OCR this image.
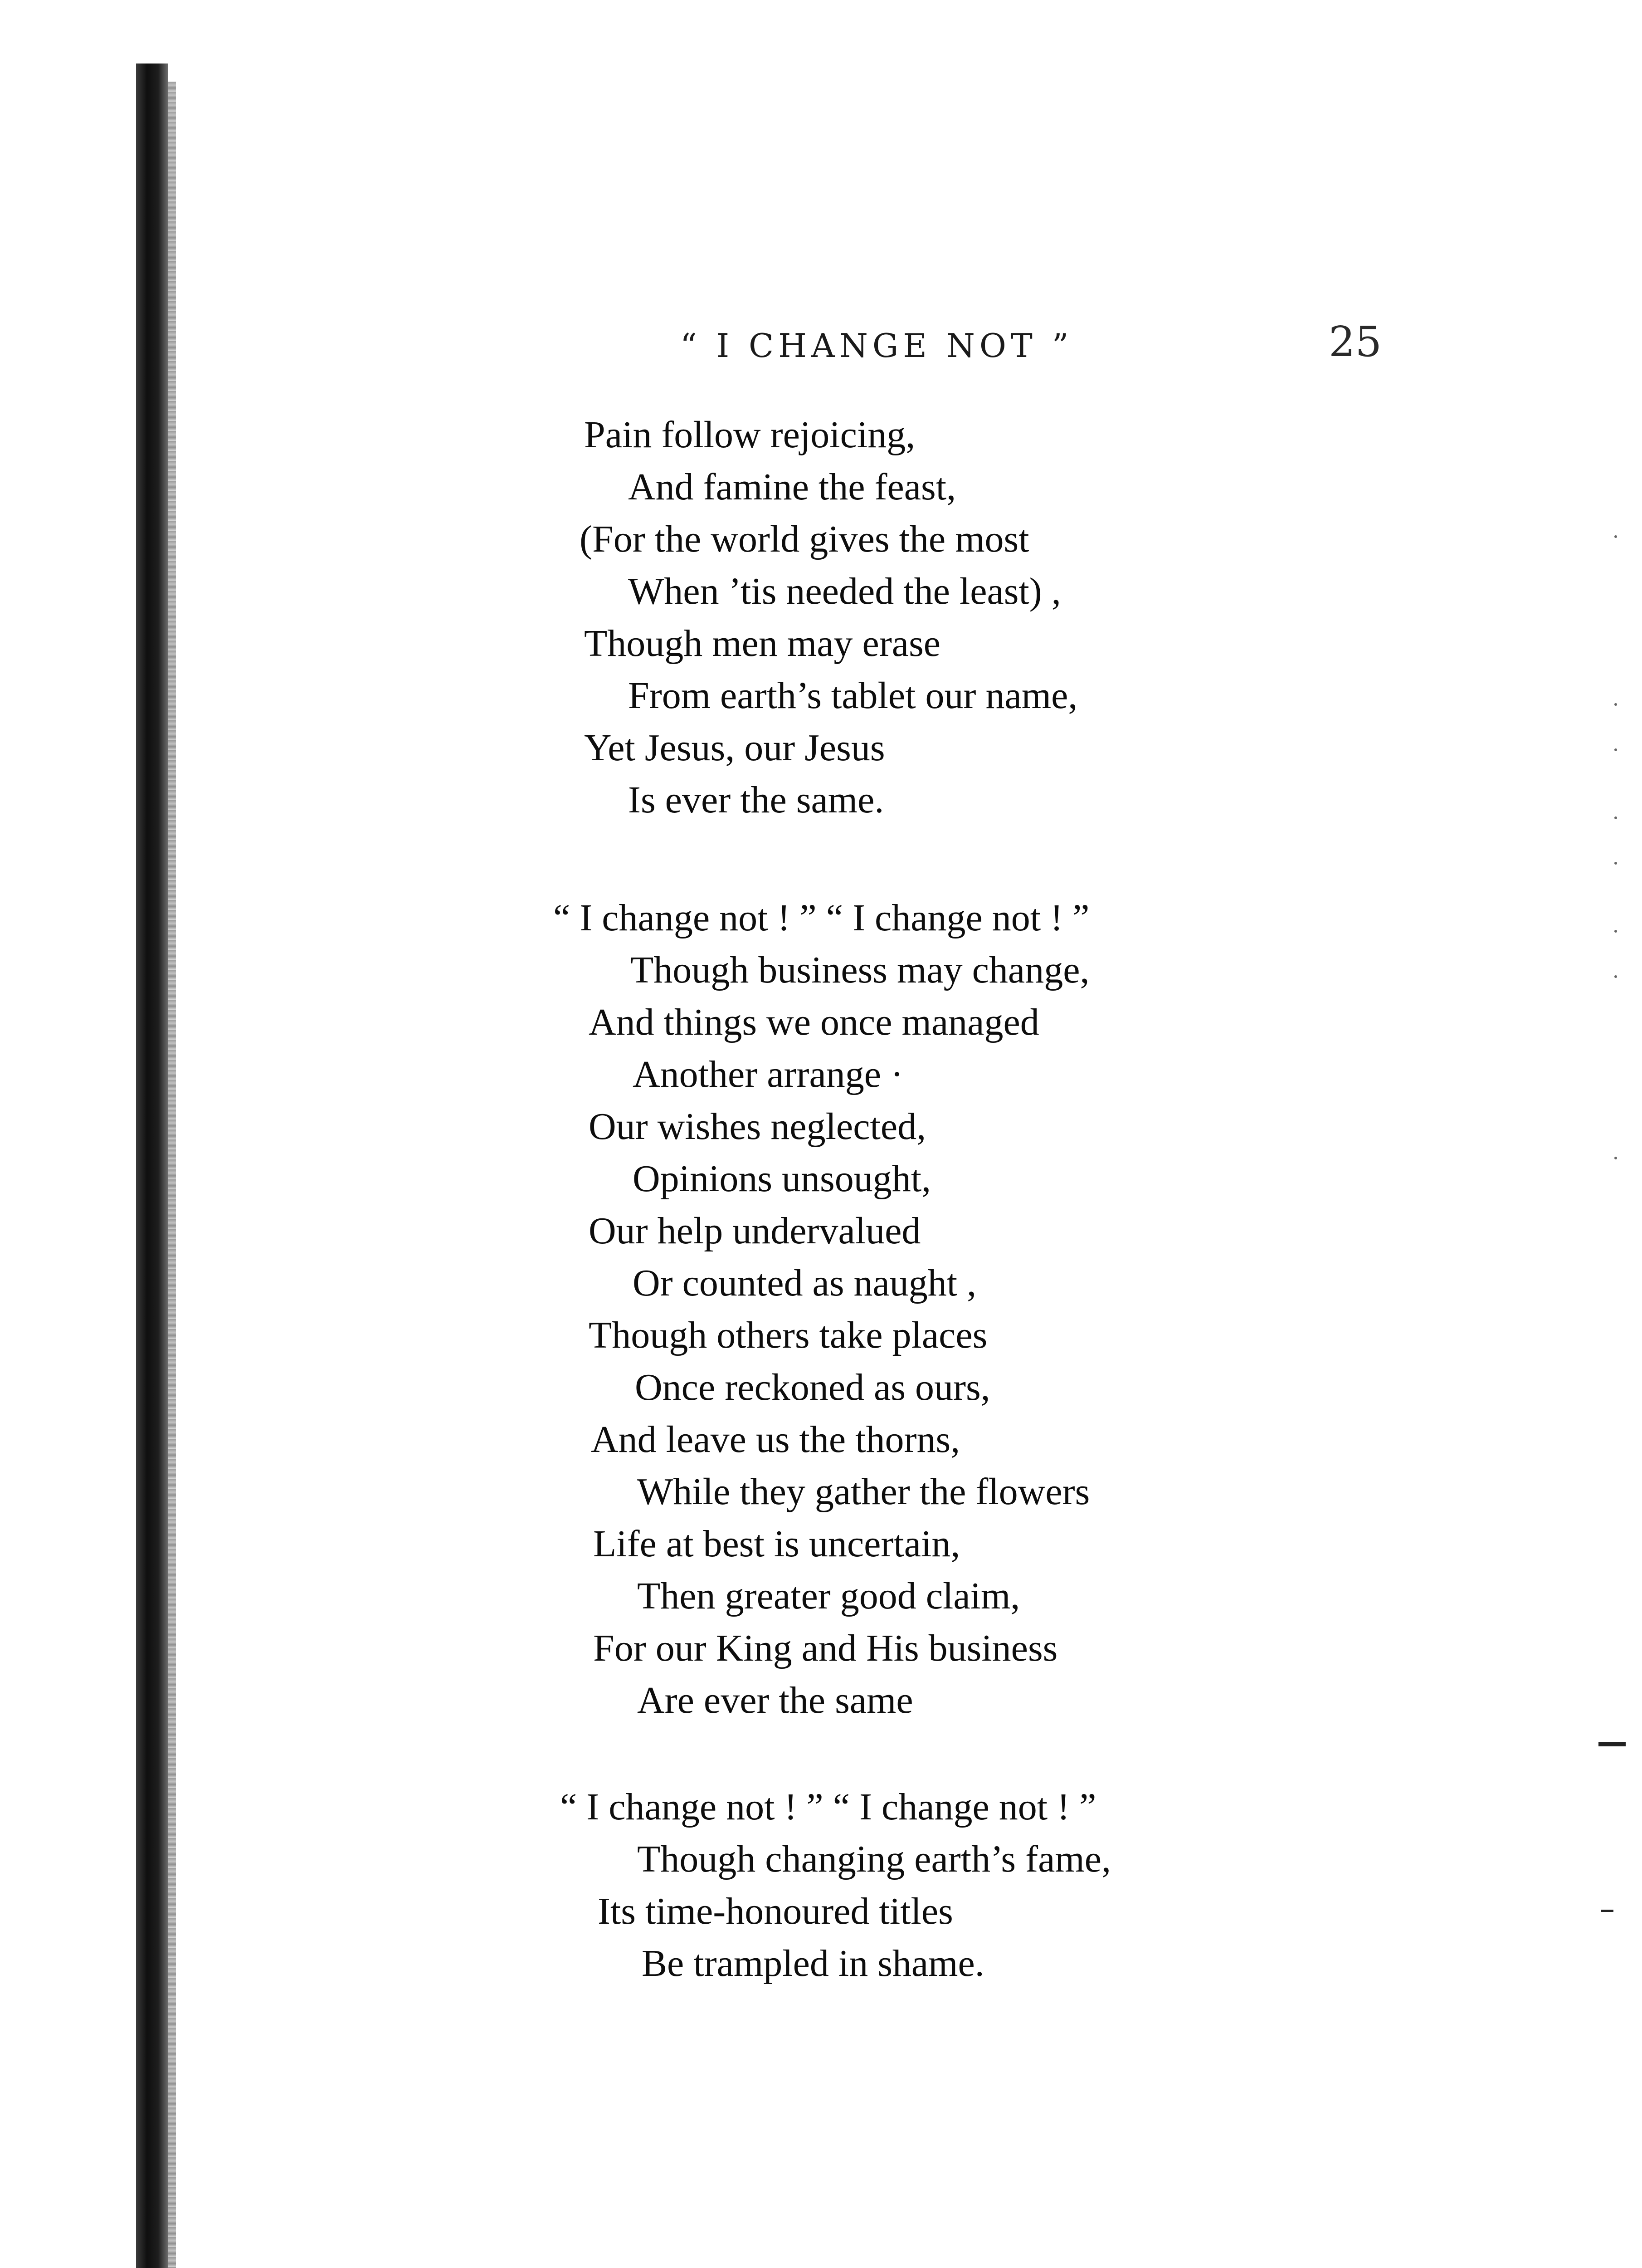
“ I CHANGE NOT ”	25
Pain follow rejoicing,
And famine the feast,
(For the world gives the most
When ’tis needed the least) ,
Though men may erase
From earth’s tablet our name,
Yet Jesus, our Jesus
Is ever the same.
“ I change not ! ” “ I change not ! ”
Though business may change,
And things we once managed
Another arrange ·
Our wishes neglected,
Opinions unsought,
Our help undervalued
Or counted as naught ,
Though others take places
Once reckoned as ours,
And leave us the thorns,
While they gather the flowers
Life at best is uncertain,
Then greater good claim,
For our King and His business
Are ever the same
“ I change not ! ” “ I change not ! ”
Though changing earth’s fame,
Its time-honoured titles
Be trampled in shame.
